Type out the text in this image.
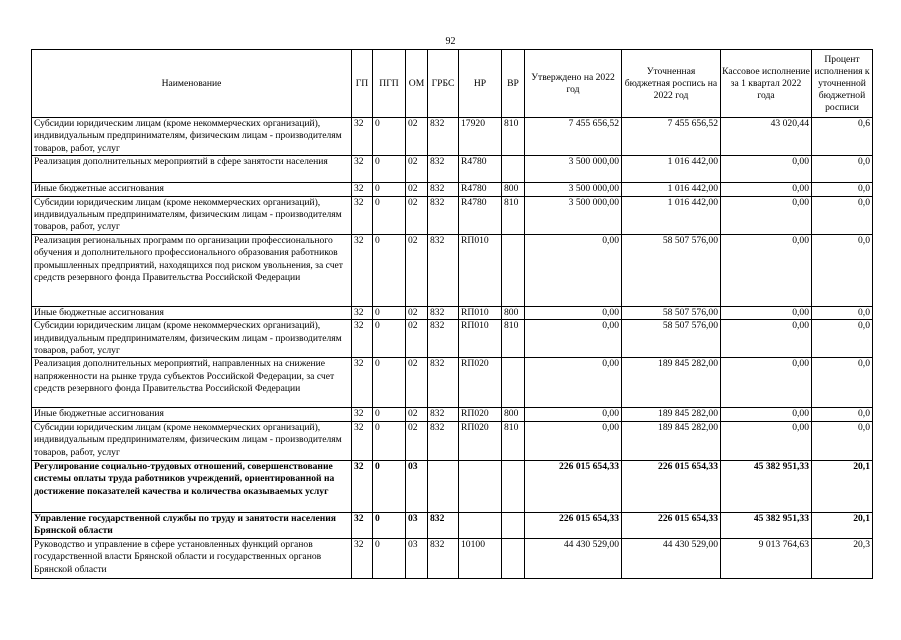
92
Наименование	ГП	ПГП	ОМ	ГРБС	НР	ВР	Утверждено на 2022 год	Уточненная бюджетная роспись на 2022 год	Кассовое исполнение за 1 квартал 2022 года	Процент исполнения к уточненной бюджетной росписи
Субсидии юридическим лицам (кроме некоммерческих организаций), индивидуальным предпринимателям, физическим лицам - производителям товаров, работ, услуг	32	0	02	832	17920	810	7 455 656,52	7 455 656,52	43 020,44	0,6
Реализация дополнительных мероприятий в сфере занятости населения	32	0	02	832	R4780		3 500 000,00	1 016 442,00	0,00	0,0
Иные бюджетные ассигнования	32	0	02	832	R4780	800	3 500 000,00	1 016 442,00	0,00	0,0
Субсидии юридическим лицам (кроме некоммерческих организаций), индивидуальным предпринимателям, физическим лицам - производителям товаров, работ, услуг	32	0	02	832	R4780	810	3 500 000,00	1 016 442,00	0,00	0,0
Реализация региональных программ по организации профессионального обучения и дополнительного профессионального образования работников промышленных предприятий, находящихся под риском увольнения, за счет средств резервного фонда Правительства Российской Федерации	32	0	02	832	RП010		0,00	58 507 576,00	0,00	0,0
Иные бюджетные ассигнования	32	0	02	832	RП010	800	0,00	58 507 576,00	0,00	0,0
Субсидии юридическим лицам (кроме некоммерческих организаций), индивидуальным предпринимателям, физическим лицам - производителям товаров, работ, услуг	32	0	02	832	RП010	810	0,00	58 507 576,00	0,00	0,0
Реализация дополнительных мероприятий, направленных на снижение напряженности на рынке труда субъектов Российской Федерации, за счет средств резервного фонда Правительства Российской Федерации	32	0	02	832	RП020		0,00	189 845 282,00	0,00	0,0
Иные бюджетные ассигнования	32	0	02	832	RП020	800	0,00	189 845 282,00	0,00	0,0
Субсидии юридическим лицам (кроме некоммерческих организаций), индивидуальным предпринимателям, физическим лицам - производителям товаров, работ, услуг	32	0	02	832	RП020	810	0,00	189 845 282,00	0,00	0,0
Регулирование социально-трудовых отношений, совершенствование системы оплаты труда работников учреждений, ориентированной на достижение показателей качества и количества оказываемых услуг	32	0	03				226 015 654,33	226 015 654,33	45 382 951,33	20,1
Управление государственной службы по труду и занятости населения Брянской области	32	0	03	832			226 015 654,33	226 015 654,33	45 382 951,33	20,1
Руководство и управление в сфере установленных функций органов государственной власти Брянской области и государственных органов Брянской области	32	0	03	832	10100		44 430 529,00	44 430 529,00	9 013 764,63	20,3
